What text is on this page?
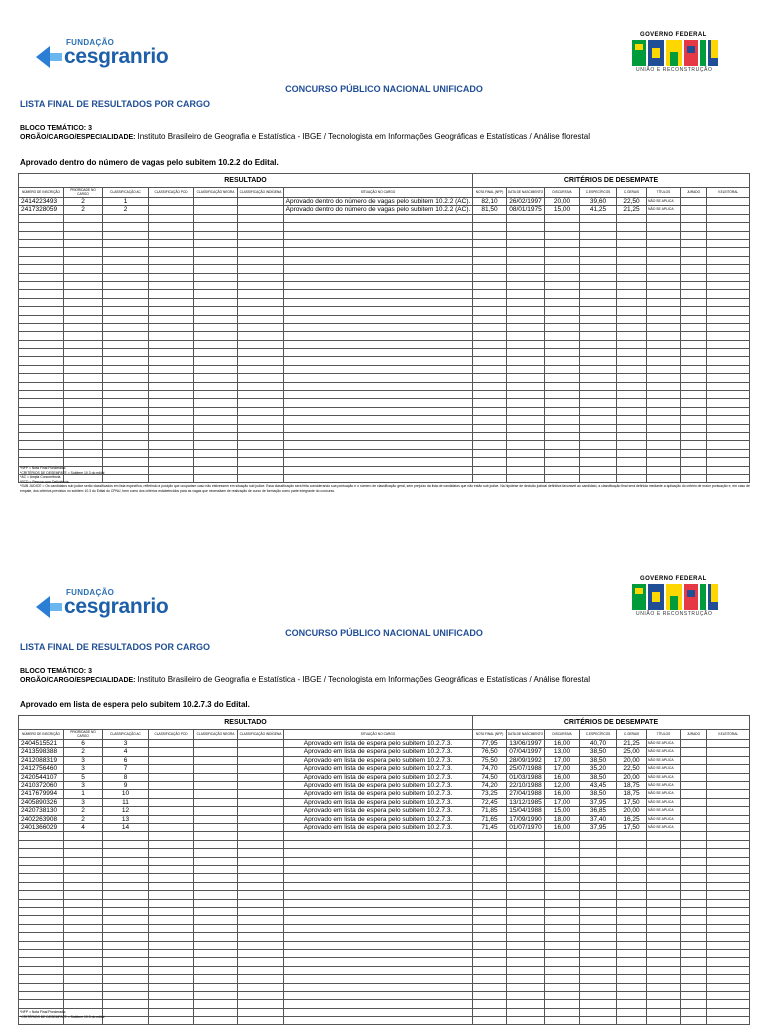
FUNDAÇÃO
cesgranrio
GOVERNO FEDERAL
UNIÃO E RECONSTRUÇÃO
CONCURSO PÚBLICO NACIONAL UNIFICADO
LISTA FINAL DE RESULTADOS POR CARGO
BLOCO TEMÁTICO: 3
ORGÃO/CARGO/ESPECIALIDADE: Instituto Brasileiro de Geografia e Estatística - IBGE / Tecnologista em Informações Geográficas e Estatísticas / Análise florestal
Aprovado dentro do número de vagas pelo subitem 10.2.2 do Edital.
RESULTADO							CRITÉRIOS DE DESEMPATE							
NÚMERO DE INSCRIÇÃO	PRIORIDADE NO CARGO	CLASSIFICAÇÃO AC	CLASSIFICAÇÃO PCD	CLASSIFICAÇÃO NEGRA	CLASSIFICAÇÃO INDÍGENA	SITUAÇÃO NO CARGO	NOTA FINAL (NFP)	DATA DE NASCIMENTO	DISCURSIVA	C.ESPECÍFICOS	C.GERAIS	TÍTULOS	JURADO	V.ELEITORAL
2414223493	2	1				Aprovado dentro do número de vagas pelo subitem 10.2.2 (AC).	82,10	26/02/1997	20,00	39,60	22,50	NÃO SE APLICA		
2417328059	2	2				Aprovado dentro do número de vagas pelo subitem 10.2.2 (AC).	81,50	08/01/1975	15,00	41,25	21,25	NÃO SE APLICA		

*NFP = Nota Final Ponderada;
*CRITÉRIOS DE DESEMPATE = Subitem 10.3 do edital
*AC = Ampla Concorrência
*PCD = Pessoa com Deficiência
*SUB JUDICE = Os candidatos sub judice serão classificados em lista específica, refletindo a posição que ocupariam caso não estivessem em situação sub judice. Essa classificação será feita considerando sua pontuação e o número de classificação geral, sem prejuízo da lista de candidatos que não estão sub judice. Na hipótese de decisão judicial definitiva favorável ao candidato, a classificação final será definida mediante a aplicação do critério de maior pontuação e, em caso de empate, dos critérios previstos no subitem 10.3 do Edital do CPNU, bem como dos critérios estabelecidos para as vagas que necessitam de realização de curso de formação como parte integrante do concurso.
FUNDAÇÃO
cesgranrio
GOVERNO FEDERAL
UNIÃO E RECONSTRUÇÃO
CONCURSO PÚBLICO NACIONAL UNIFICADO
LISTA FINAL DE RESULTADOS POR CARGO
BLOCO TEMÁTICO: 3
ORGÃO/CARGO/ESPECIALIDADE: Instituto Brasileiro de Geografia e Estatística - IBGE / Tecnologista em Informações Geográficas e Estatísticas / Análise florestal
Aprovado em lista de espera pelo subitem 10.2.7.3 do Edital.
RESULTADO							CRITÉRIOS DE DESEMPATE							
NÚMERO DE INSCRIÇÃO	PRIORIDADE NO CARGO	CLASSIFICAÇÃO AC	CLASSIFICAÇÃO PCD	CLASSIFICAÇÃO NEGRA	CLASSIFICAÇÃO INDÍGENA	SITUAÇÃO NO CARGO	NOTA FINAL (NFP)	DATA DE NASCIMENTO	DISCURSIVA	C.ESPECÍFICOS	C.GERAIS	TÍTULOS	JURADO	V.ELEITORAL
2404515521	6	3				Aprovado em lista de espera pelo subitem 10.2.7.3.	77,95	13/06/1997	16,00	40,70	21,25	NÃO SE APLICA		
2413598388	2	4				Aprovado em lista de espera pelo subitem 10.2.7.3.	76,50	07/04/1997	13,00	38,50	25,00	NÃO SE APLICA		
2412088319	3	6				Aprovado em lista de espera pelo subitem 10.2.7.3.	75,50	28/09/1992	17,00	38,50	20,00	NÃO SE APLICA		
2412756460	3	7				Aprovado em lista de espera pelo subitem 10.2.7.3.	74,70	25/07/1988	17,00	35,20	22,50	NÃO SE APLICA		
2420544107	5	8				Aprovado em lista de espera pelo subitem 10.2.7.3.	74,50	01/03/1988	16,00	38,50	20,00	NÃO SE APLICA		
2410372060	3	9				Aprovado em lista de espera pelo subitem 10.2.7.3.	74,20	22/10/1988	12,00	43,45	18,75	NÃO SE APLICA		
2417679994	1	10				Aprovado em lista de espera pelo subitem 10.2.7.3.	73,25	27/04/1988	16,00	38,50	18,75	NÃO SE APLICA		
2405890326	3	11				Aprovado em lista de espera pelo subitem 10.2.7.3.	72,45	13/12/1985	17,00	37,95	17,50	NÃO SE APLICA		
2420738130	2	12				Aprovado em lista de espera pelo subitem 10.2.7.3.	71,85	15/04/1988	15,00	36,85	20,00	NÃO SE APLICA		
2402263908	2	13				Aprovado em lista de espera pelo subitem 10.2.7.3.	71,65	17/09/1990	18,00	37,40	16,25	NÃO SE APLICA		
2401366029	4	14				Aprovado em lista de espera pelo subitem 10.2.7.3.	71,45	01/07/1970	16,00	37,95	17,50	NÃO SE APLICA		

*NFP = Nota Final Ponderada;
*CRITÉRIOS DE DESEMPATE = Subitem 10.3 do edital
